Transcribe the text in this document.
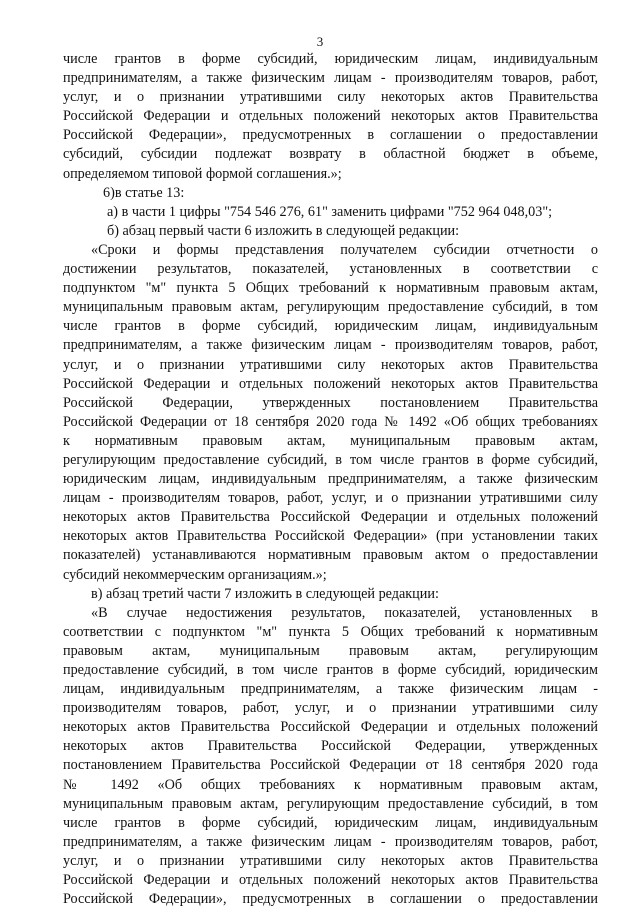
3
числе грантов в форме субсидий, юридическим лицам, индивидуальным
предпринимателям, а также физическим лицам - производителям товаров, работ,
услуг, и о признании утратившими силу некоторых актов Правительства
Российской Федерации и отдельных положений некоторых актов Правительства
Российской Федерации», предусмотренных в соглашении о предоставлении
субсидий, субсидии подлежат возврату в областной бюджет в объеме,
определяемом типовой формой соглашения.»;
6)в статье 13:
а) в части 1 цифры "754 546 276, 61" заменить цифрами "752 964 048,03";
б) абзац первый части 6 изложить в следующей редакции:
«Сроки и формы представления получателем субсидии отчетности о
достижении результатов, показателей, установленных в соответствии с
подпунктом "м" пункта 5 Общих требований к нормативным правовым актам,
муниципальным правовым актам, регулирующим предоставление субсидий, в том
числе грантов в форме субсидий, юридическим лицам, индивидуальным
предпринимателям, а также физическим лицам - производителям товаров, работ,
услуг, и о признании утратившими силу некоторых актов Правительства
Российской Федерации и отдельных положений некоторых актов Правительства
Российской Федерации, утвержденных постановлением Правительства
Российской Федерации от 18 сентября 2020 года № 1492 «Об общих требованиях
к нормативным правовым актам, муниципальным правовым актам,
регулирующим предоставление субсидий, в том числе грантов в форме субсидий,
юридическим лицам, индивидуальным предпринимателям, а также физическим
лицам - производителям товаров, работ, услуг, и о признании утратившими силу
некоторых актов Правительства Российской Федерации и отдельных положений
некоторых актов Правительства Российской Федерации» (при установлении таких
показателей) устанавливаются нормативным правовым актом о предоставлении
субсидий некоммерческим организациям.»;
в) абзац третий части 7 изложить в следующей редакции:
«В случае недостижения результатов, показателей, установленных в
соответствии с подпунктом "м" пункта 5 Общих требований к нормативным
правовым актам, муниципальным правовым актам, регулирующим
предоставление субсидий, в том числе грантов в форме субсидий, юридическим
лицам, индивидуальным предпринимателям, а также физическим лицам -
производителям товаров, работ, услуг, и о признании утратившими силу
некоторых актов Правительства Российской Федерации и отдельных положений
некоторых актов Правительства Российской Федерации, утвержденных
постановлением Правительства Российской Федерации от 18 сентября 2020 года
№ 1492 «Об общих требованиях к нормативным правовым актам,
муниципальным правовым актам, регулирующим предоставление субсидий, в том
числе грантов в форме субсидий, юридическим лицам, индивидуальным
предпринимателям, а также физическим лицам - производителям товаров, работ,
услуг, и о признании утратившими силу некоторых актов Правительства
Российской Федерации и отдельных положений некоторых актов Правительства
Российской Федерации», предусмотренных в соглашении о предоставлении
